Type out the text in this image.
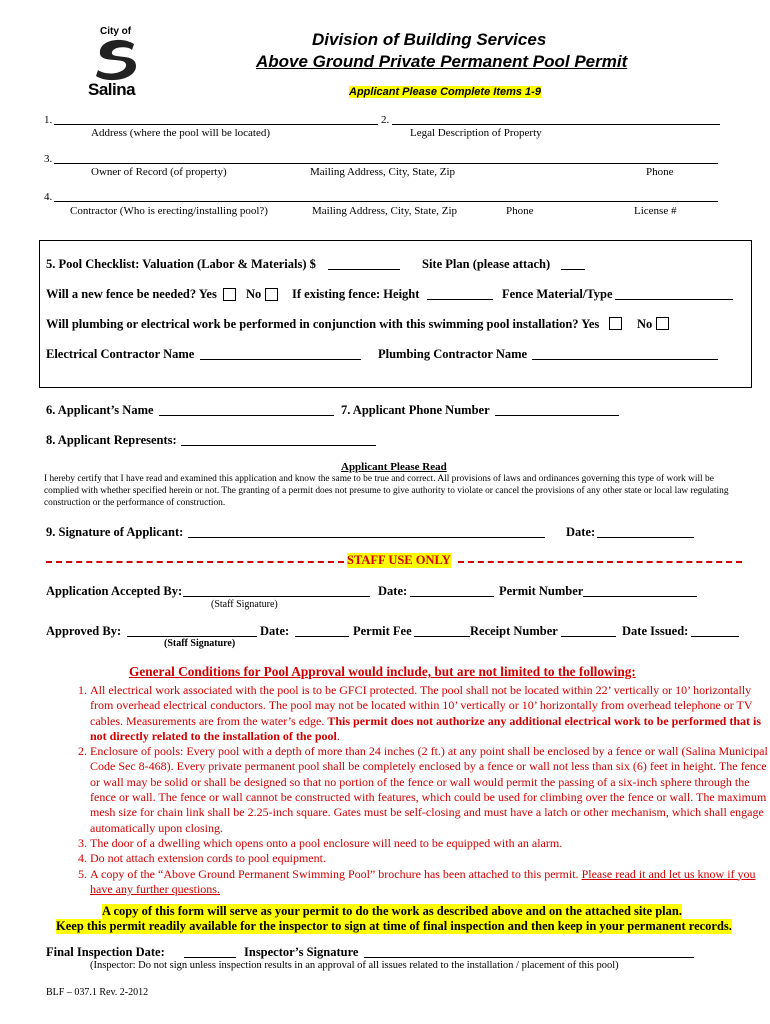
City of
Salina
Division of Building Services
Above Ground Private Permanent Pool Permit
Applicant Please Complete Items 1-9
1.	2.
Address (where the pool will be located)	Legal Description of Property
3.
Owner of Record (of property)	Mailing Address, City, State, Zip	Phone
4.
Contractor (Who is erecting/installing pool?)	Mailing Address, City, State, Zip	Phone	License #
5. Pool Checklist: Valuation (Labor & Materials) $	Site Plan (please attach)
Will a new fence be needed? Yes No If existing fence: Height	Fence Material/Type
Will plumbing or electrical work be performed in conjunction with this swimming pool installation? Yes	No
Electrical Contractor Name	Plumbing Contractor Name
6. Applicant’s Name	7. Applicant Phone Number
8. Applicant Represents:
Applicant Please Read
I hereby certify that I have read and examined this application and know the same to be true and correct. All provisions of laws and ordinances governing this type of work will be complied with whether specified herein or not. The granting of a permit does not presume to give authority to violate or cancel the provisions of any other state or local law regulating construction or the performance of construction.
9. Signature of Applicant:	Date:
STAFF USE ONLY
Application Accepted By:	Date:	Permit Number
(Staff Signature)
Approved By:	Date:	Permit Fee	Receipt Number	Date Issued:
(Staff Signature)
General Conditions for Pool Approval would include, but are not limited to the following:
1. All electrical work associated with the pool is to be GFCI protected. The pool shall not be located within 22’ vertically or 10’ horizontally from overhead electrical conductors. The pool may not be located within 10’ vertically or 10’ horizontally from overhead telephone or TV cables. Measurements are from the water’s edge. This permit does not authorize any additional electrical work to be performed that is not directly related to the installation of the pool.
2. Enclosure of pools: Every pool with a depth of more than 24 inches (2 ft.) at any point shall be enclosed by a fence or wall (Salina Municipal Code Sec 8-468). Every private permanent pool shall be completely enclosed by a fence or wall not less than six (6) feet in height. The fence or wall may be solid or shall be designed so that no portion of the fence or wall would permit the passing of a six-inch sphere through the fence or wall. The fence or wall cannot be constructed with features, which could be used for climbing over the fence or wall. The maximum mesh size for chain link shall be 2.25-inch square. Gates must be self-closing and must have a latch or other mechanism, which shall engage automatically upon closing.
3. The door of a dwelling which opens onto a pool enclosure will need to be equipped with an alarm.
4. Do not attach extension cords to pool equipment.
5. A copy of the “Above Ground Permanent Swimming Pool” brochure has been attached to this permit. Please read it and let us know if you have any further questions.
A copy of this form will serve as your permit to do the work as described above and on the attached site plan.
Keep this permit readily available for the inspector to sign at time of final inspection and then keep in your permanent records.
Final Inspection Date:	Inspector’s Signature
(Inspector: Do not sign unless inspection results in an approval of all issues related to the installation / placement of this pool)
BLF – 037.1 Rev. 2-2012
